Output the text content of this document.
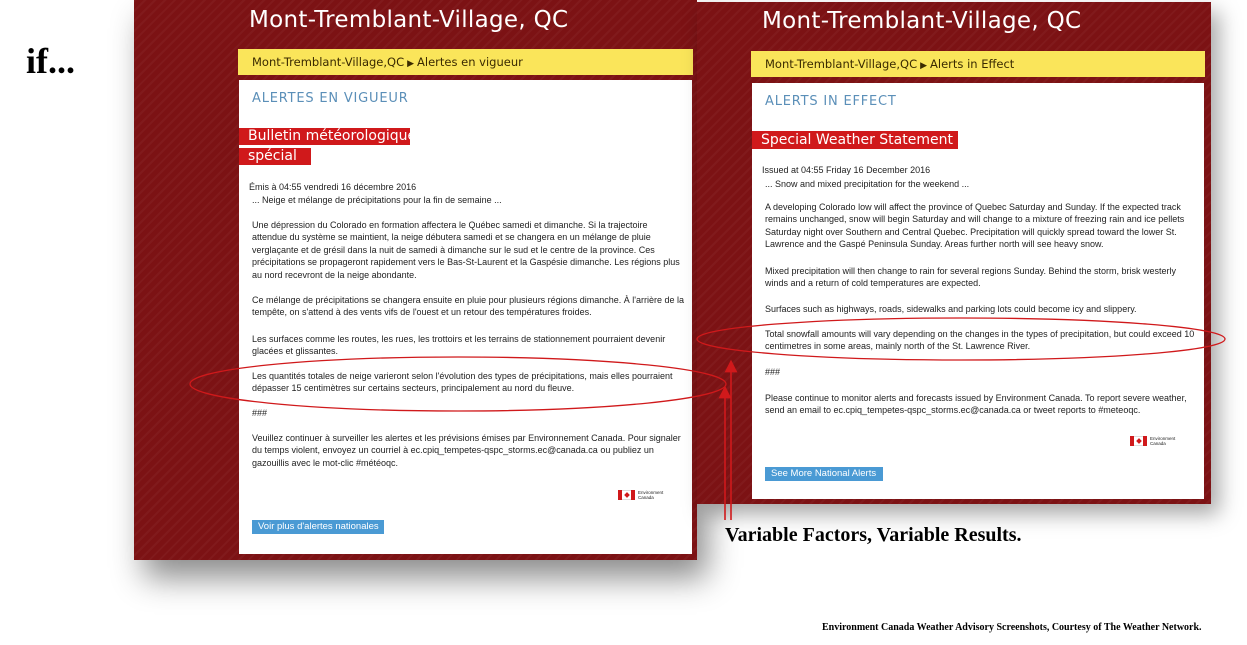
if...
Mont-Tremblant-Village, QC
Mont-Tremblant-Village,QC ▶ Alertes en vigueur
ALERTES EN VIGUEUR
Bulletin météorologique
spécial
Émis à 04:55 vendredi 16 décembre 2016
... Neige et mélange de précipitations pour la fin de semaine ...
Une dépression du Colorado en formation affectera le Québec samedi et dimanche. Si la trajectoire attendue du système se maintient, la neige débutera samedi et se changera en un mélange de pluie verglaçante et de grésil dans la nuit de samedi à dimanche sur le sud et le centre de la province. Ces précipitations se propageront rapidement vers le Bas-St-Laurent et la Gaspésie dimanche. Les régions plus au nord recevront de la neige abondante.
Ce mélange de précipitations se changera ensuite en pluie pour plusieurs régions dimanche. À l'arrière de la tempête, on s'attend à des vents vifs de l'ouest et un retour des températures froides.
Les surfaces comme les routes, les rues, les trottoirs et les terrains de stationnement pourraient devenir glacées et glissantes.
Les quantités totales de neige varieront selon l'évolution des types de précipitations, mais elles pourraient dépasser 15 centimètres sur certains secteurs, principalement au nord du fleuve.
###
Veuillez continuer à surveiller les alertes et les prévisions émises par Environnement Canada. Pour signaler du temps violent, envoyez un courriel à ec.cpiq_tempetes-qspc_storms.ec@canada.ca ou publiez un gazouillis avec le mot-clic #météoqc.
Environment
Canada
Voir plus d'alertes nationales
Mont-Tremblant-Village, QC
Mont-Tremblant-Village,QC ▶ Alerts in Effect
ALERTS IN EFFECT
Special Weather Statement
Issued at 04:55 Friday 16 December 2016
... Snow and mixed precipitation for the weekend ...
A developing Colorado low will affect the province of Quebec Saturday and Sunday. If the expected track remains unchanged, snow will begin Saturday and will change to a mixture of freezing rain and ice pellets Saturday night over Southern and Central Quebec. Precipitation will quickly spread toward the lower St. Lawrence and the Gaspé Peninsula Sunday. Areas further north will see heavy snow.
Mixed precipitation will then change to rain for several regions Sunday. Behind the storm, brisk westerly winds and a return of cold temperatures are expected.
Surfaces such as highways, roads, sidewalks and parking lots could become icy and slippery.
Total snowfall amounts will vary depending on the changes in the types of precipitation, but could exceed 10 centimetres in some areas, mainly north of the St. Lawrence River.
###
Please continue to monitor alerts and forecasts issued by Environment Canada. To report severe weather, send an email to ec.cpiq_tempetes-qspc_storms.ec@canada.ca or tweet reports to #meteoqc.
Environment
Canada
See More National Alerts
Variable Factors, Variable Results.
Environment Canada Weather Advisory Screenshots, Courtesy of The Weather Network.
